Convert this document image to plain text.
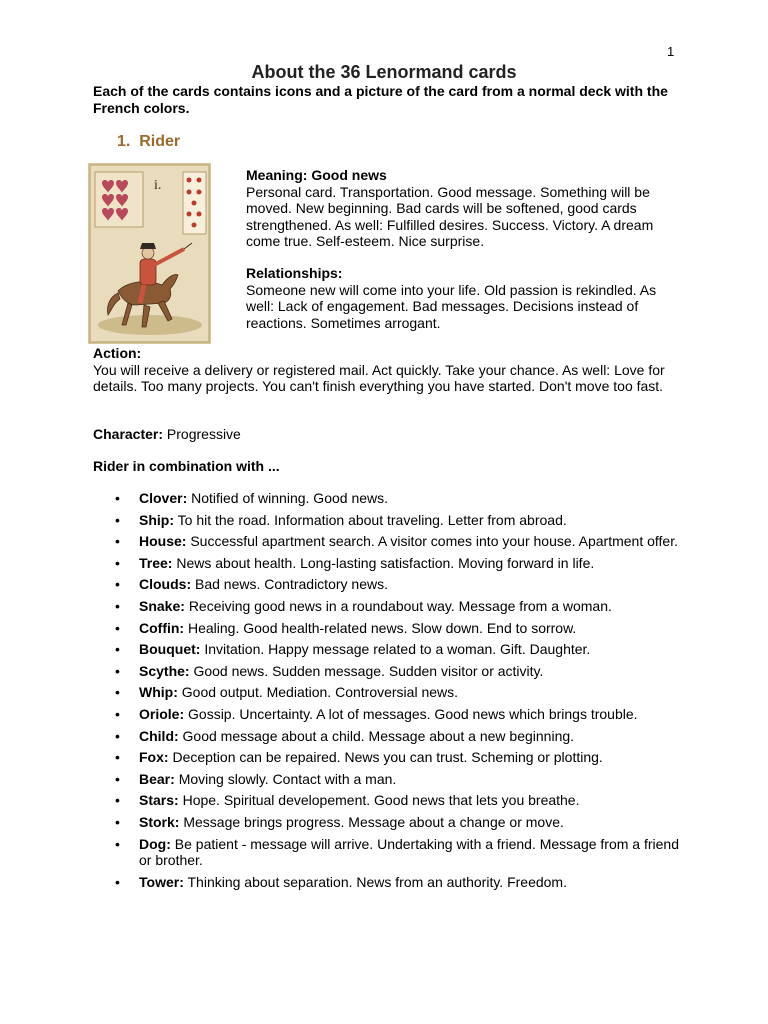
1
About the 36 Lenormand cards

Each of the cards contains icons and a picture of the card from a normal deck with the French colors.

1. Rider
i.

Meaning: Good news

Personal card. Transportation. Good message. Something will be moved. New beginning. Bad cards will be softened, good cards strengthened. As well: Fulfilled desires. Success. Victory. A dream come true. Self-esteem. Nice surprise.

Relationships:

Someone new will come into your life. Old passion is rekindled. As well: Lack of engagement. Bad messages. Decisions instead of reactions. Sometimes arrogant.

Action:

You will receive a delivery or registered mail. Act quickly. Take your chance. As well: Love for details. Too many projects. You can't finish everything you have started. Don't move too fast.

Character: Progressive
Rider in combination with ...
• Clover: Notified of winning. Good news.
• Ship: To hit the road. Information about traveling. Letter from abroad.
• House: Successful apartment search. A visitor comes into your house. Apartment offer.
• Tree: News about health. Long-lasting satisfaction. Moving forward in life.
• Clouds: Bad news. Contradictory news.
• Snake: Receiving good news in a roundabout way. Message from a woman.
• Coffin: Healing. Good health-related news. Slow down. End to sorrow.
• Bouquet: Invitation. Happy message related to a woman. Gift. Daughter.
• Scythe: Good news. Sudden message. Sudden visitor or activity.
• Whip: Good output. Mediation. Controversial news.
• Oriole: Gossip. Uncertainty. A lot of messages. Good news which brings trouble.
• Child: Good message about a child. Message about a new beginning.
• Fox: Deception can be repaired. News you can trust. Scheming or plotting.
• Bear: Moving slowly. Contact with a man.
• Stars: Hope. Spiritual developement. Good news that lets you breathe.
• Stork: Message brings progress. Message about a change or move.
• Dog: Be patient - message will arrive. Undertaking with a friend. Message from a friend or brother.
• Tower: Thinking about separation. News from an authority. Freedom.
